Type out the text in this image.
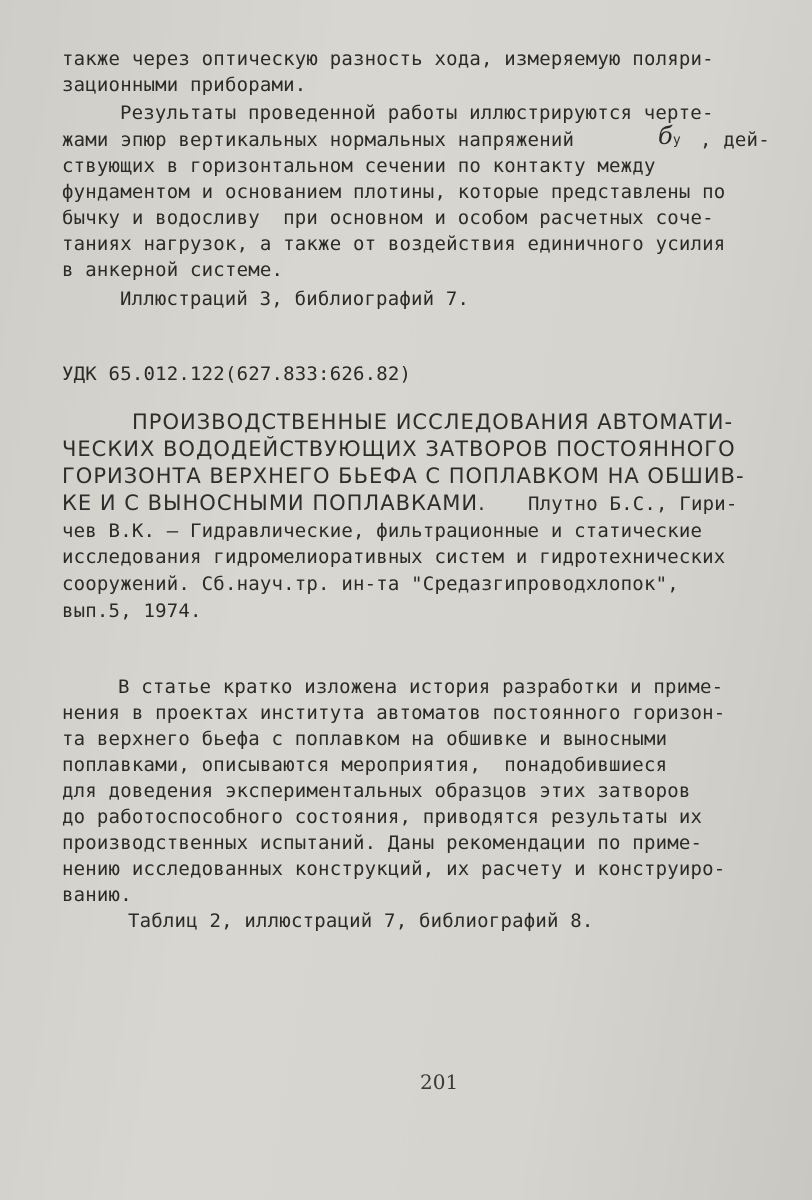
также через оптическую разность хода, измеряемую поляри-
зационными приборами.
Результаты проведенной работы иллюстрируются черте-
жами эпюр вертикальных нормальных напряжений	бу , дей-
ствующих в горизонтальном сечении по контакту между
фундаментом и основанием плотины, которые представлены по
бычку и водосливу  при основном и особом расчетных соче-
таниях нагрузок, а также от воздействия единичного усилия
в анкерной системе.
Иллюстраций 3, библиографий 7.
УДК 65.012.122(627.833:626.82)
ПРОИЗВОДСТВЕННЫЕ ИССЛЕДОВАНИЯ АВТОМАТИ-
ЧЕСКИХ ВОДОДЕЙСТВУЮЩИХ ЗАТВОРОВ ПОСТОЯННОГО
ГОРИЗОНТА ВЕРХНЕГО БЬЕФА С ПОПЛАВКОМ НА ОБШИВ-
КЕ И С ВЫНОСНЫМИ ПОПЛАВКАМИ. Плутно Б.С., Гири-
чев В.К. – Гидравлические, фильтрационные и статические
исследования гидромелиоративных систем и гидротехнических
сооружений. Сб.науч.тр. ин-та "Средазгипроводхлопок",
вып.5, 1974.
В статье кратко изложена история разработки и приме-
нения в проектах института автоматов постоянного горизон-
та верхнего бьефа с поплавком на обшивке и выносными
поплавками, описываются мероприятия,  понадобившиеся
для доведения экспериментальных образцов этих затворов
до работоспособного состояния, приводятся результаты их
производственных испытаний. Даны рекомендации по приме-
нению исследованных конструкций, их расчету и конструиро-
ванию.
Таблиц 2, иллюстраций 7, библиографий 8.
201
